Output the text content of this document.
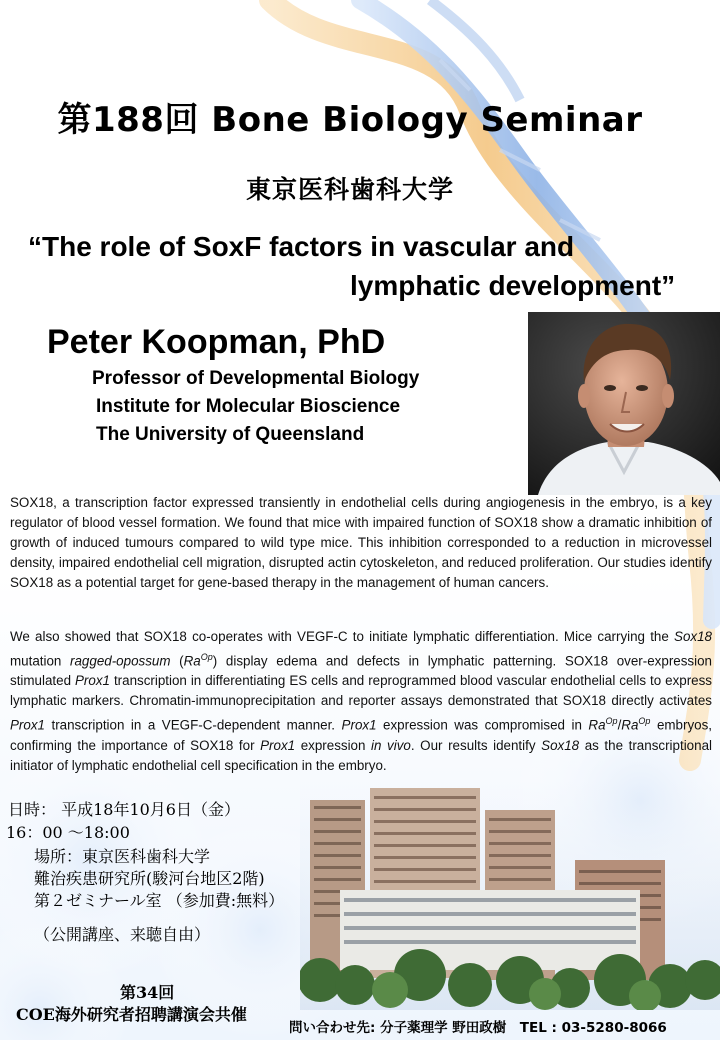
第188回 Bone Biology Seminar
東京医科歯科大学
“The role of SoxF factors in vascular and
lymphatic development”
Peter Koopman, PhD
Professor of Developmental Biology
Institute for Molecular Bioscience
The University of Queensland

SOX18, a transcription factor expressed transiently in endothelial cells during angiogenesis in the embryo, is a key regulator of blood vessel formation. We found that mice with impaired function of SOX18 show a dramatic inhibition of growth of induced tumours compared to wild type mice. This inhibition corresponded to a reduction in microvessel density, impaired endothelial cell migration, disrupted actin cytoskeleton, and reduced proliferation. Our studies identify SOX18 as a potential target for gene-based therapy in the management of human cancers.

We also showed that SOX18 co-operates with VEGF-C to initiate lymphatic differentiation. Mice carrying the Sox18 mutation ragged-opossum $(Ra^{Op})$ display edema and defects in lymphatic patterning. SOX18 over-expression stimulated Prox1 transcription in differentiating ES cells and reprogrammed blood vascular endothelial cells to express lymphatic markers. Chromatin-immunoprecipitation and reporter assays demonstrated that SOX18 directly activates Prox1 transcription in a VEGF-C-dependent manner. Prox1 expression was compromised in $Ra^{Op}/Ra^{Op}$ embryos, confirming the importance of SOX18 for Prox1 expression in vivo. Our results identify Sox18 as the transcriptional initiator of lymphatic endothelial cell specification in the embryo.

日時： 平成18年10月6日（金）
16：00 ～18:00
場所：東京医科歯科大学
難治疾患研究所(駿河台地区2階)
第２ゼミナール室 （参加費:無料）
（公開講座、来聴自由）
第34回
COE海外研究者招聘講演会共催
問い合わせ先: 分子薬理学 野田政樹　TEL : 03-5280-8066
